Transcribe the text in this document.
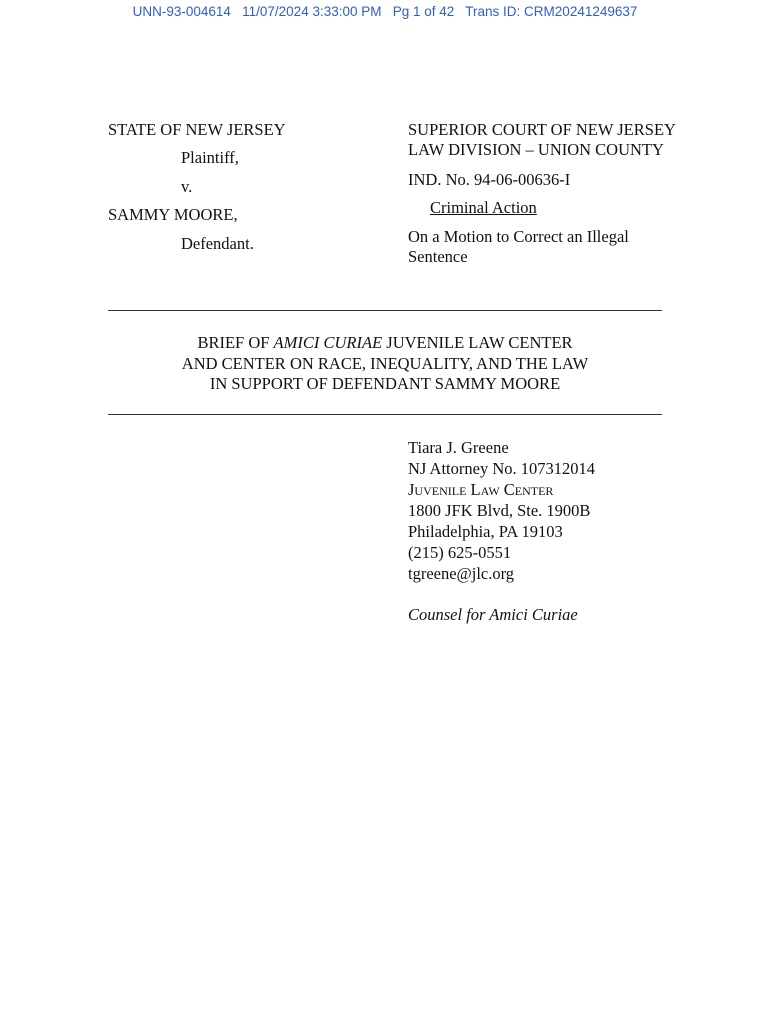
UNN-93-004614   11/07/2024 3:33:00 PM   Pg 1 of 42   Trans ID: CRM20241249637
STATE OF NEW JERSEY
Plaintiff,
v.
SAMMY MOORE,
Defendant.
SUPERIOR COURT OF NEW JERSEY
LAW DIVISION – UNION COUNTY
IND. No. 94-06-00636-I
Criminal Action
On a Motion to Correct an Illegal
Sentence
BRIEF OF AMICI CURIAE JUVENILE LAW CENTER
AND CENTER ON RACE, INEQUALITY, AND THE LAW
IN SUPPORT OF DEFENDANT SAMMY MOORE
Tiara J. Greene
NJ Attorney No. 107312014
Juvenile Law Center
1800 JFK Blvd, Ste. 1900B
Philadelphia, PA 19103
(215) 625-0551
tgreene@jlc.org
Counsel for Amici Curiae
